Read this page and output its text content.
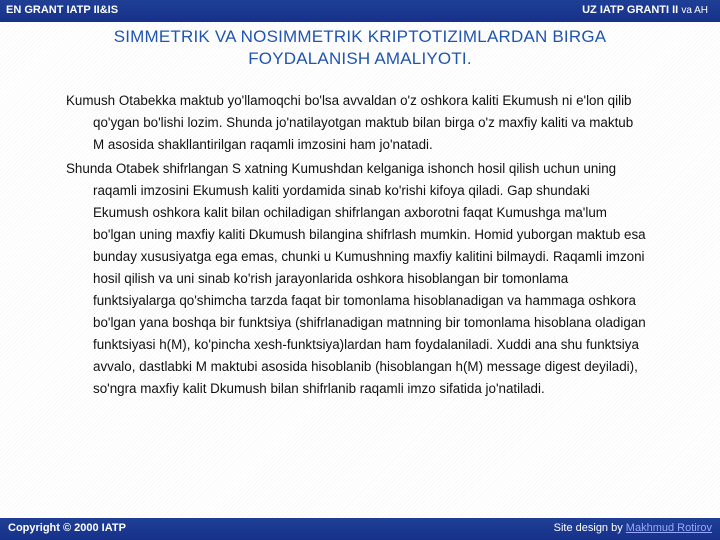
EN GRANT IATP II&IS	UZ IATP GRANTI II va AH
SIMMETRIK VA NOSIMMETRIK KRIPTOTIZIMLARDAN BIRGA
FOYDALANISH AMALIYOTI.

Kumush Otabekka maktub yo'llamoqchi bo'lsa avvaldan o'z oshkora kaliti Ekumush ni e'lon qilib qo'ygan bo'lishi lozim. Shunda jo'natilayotgan maktub bilan birga o'z maxfiy kaliti va maktub M asosida shakllantirilgan raqamli imzosini ham jo'natadi.

Shunda Otabek shifrlangan S xatning Kumushdan kelganiga ishonch hosil qilish uchun uning raqamli imzosini Ekumush kaliti yordamida sinab ko'rishi kifoya qiladi. Gap shundaki Ekumush oshkora kalit bilan ochiladigan shifrlangan axborotni faqat Kumushga ma'lum bo'lgan uning maxfiy kaliti Dkumush bilangina shifrlash mumkin. Homid yuborgan maktub esa bunday xususiyatga ega emas, chunki u Kumushning maxfiy kalitini bilmaydi. Raqamli imzoni hosil qilish va uni sinab ko'rish jarayonlarida oshkora hisoblangan bir tomonlama funktsiyalarga qo'shimcha tarzda faqat bir tomonlama hisoblanadigan va hammaga oshkora bo'lgan yana boshqa bir funktsiya (shifrlanadigan matnning bir tomonlama hisoblana oladigan funktsiyasi h(M), ko'pincha xesh-funktsiya)lardan ham foydalaniladi. Xuddi ana shu funktsiya avvalo, dastlabki M maktubi asosida hisoblanib (hisoblangan h(M) message digest deyiladi), so'ngra maxfiy kalit Dkumush bilan shifrlanib raqamli imzo sifatida jo'natiladi.

Copyright © 2000 IATP	Site design by Makhmud Rotirov
